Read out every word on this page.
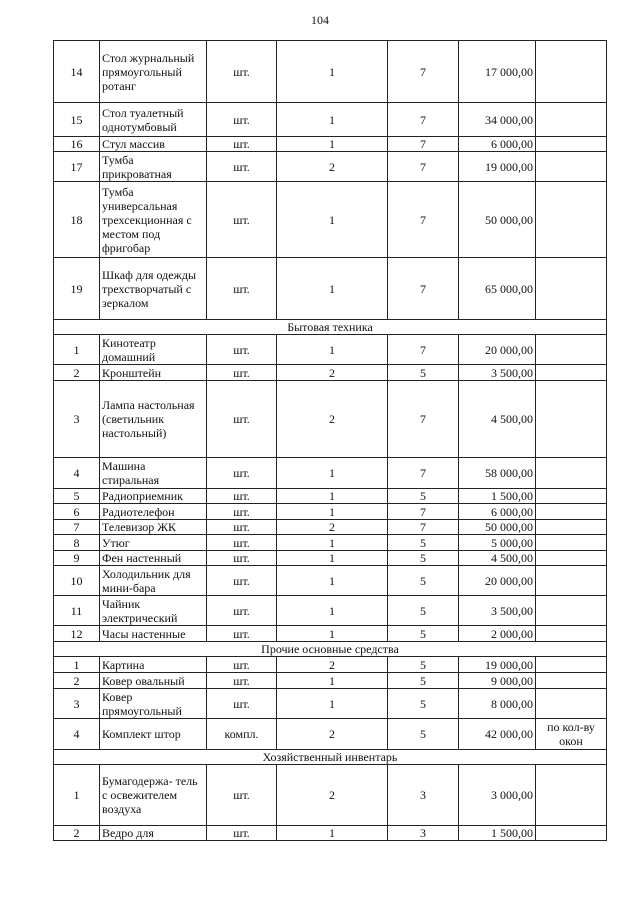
104
14	Стол журнальный прямоугольный ротанг	шт.	1	7	17 000,00	
15	Стол туалетный однотумбовый	шт.	1	7	34 000,00	
16	Стул массив	шт.	1	7	6 000,00	
17	Тумба прикроватная	шт.	2	7	19 000,00	
18	Тумба универсальная трехсекционная с местом под фригобар	шт.	1	7	50 000,00	
19	Шкаф для одежды трехстворчатый с зеркалом	шт.	1	7	65 000,00	
Бытовая техника						
1	Кинотеатр домашний	шт.	1	7	20 000,00	
2	Кронштейн	шт.	2	5	3 500,00	
3	Лампа настольная (светильник настольный)	шт.	2	7	4 500,00	
4	Машина стиральная	шт.	1	7	58 000,00	
5	Радиоприемник	шт.	1	5	1 500,00	
6	Радиотелефон	шт.	1	7	6 000,00	
7	Телевизор ЖК	шт.	2	7	50 000,00	
8	Утюг	шт.	1	5	5 000,00	
9	Фен настенный	шт.	1	5	4 500,00	
10	Холодильник для мини-бара	шт.	1	5	20 000,00	
11	Чайник электрический	шт.	1	5	3 500,00	
12	Часы настенные	шт.	1	5	2 000,00	
Прочие основные средства						
1	Картина	шт.	2	5	19 000,00	
2	Ковер овальный	шт.	1	5	9 000,00	
3	Ковер прямоугольный	шт.	1	5	8 000,00	
4	Комплект штор	компл.	2	5	42 000,00	по кол-ву окон
Хозяйственный инвентарь						
1	Бумагодержа- тель с освежителем воздуха	шт.	2	3	3 000,00	
2	Ведро для	шт.	1	3	1 500,00	
